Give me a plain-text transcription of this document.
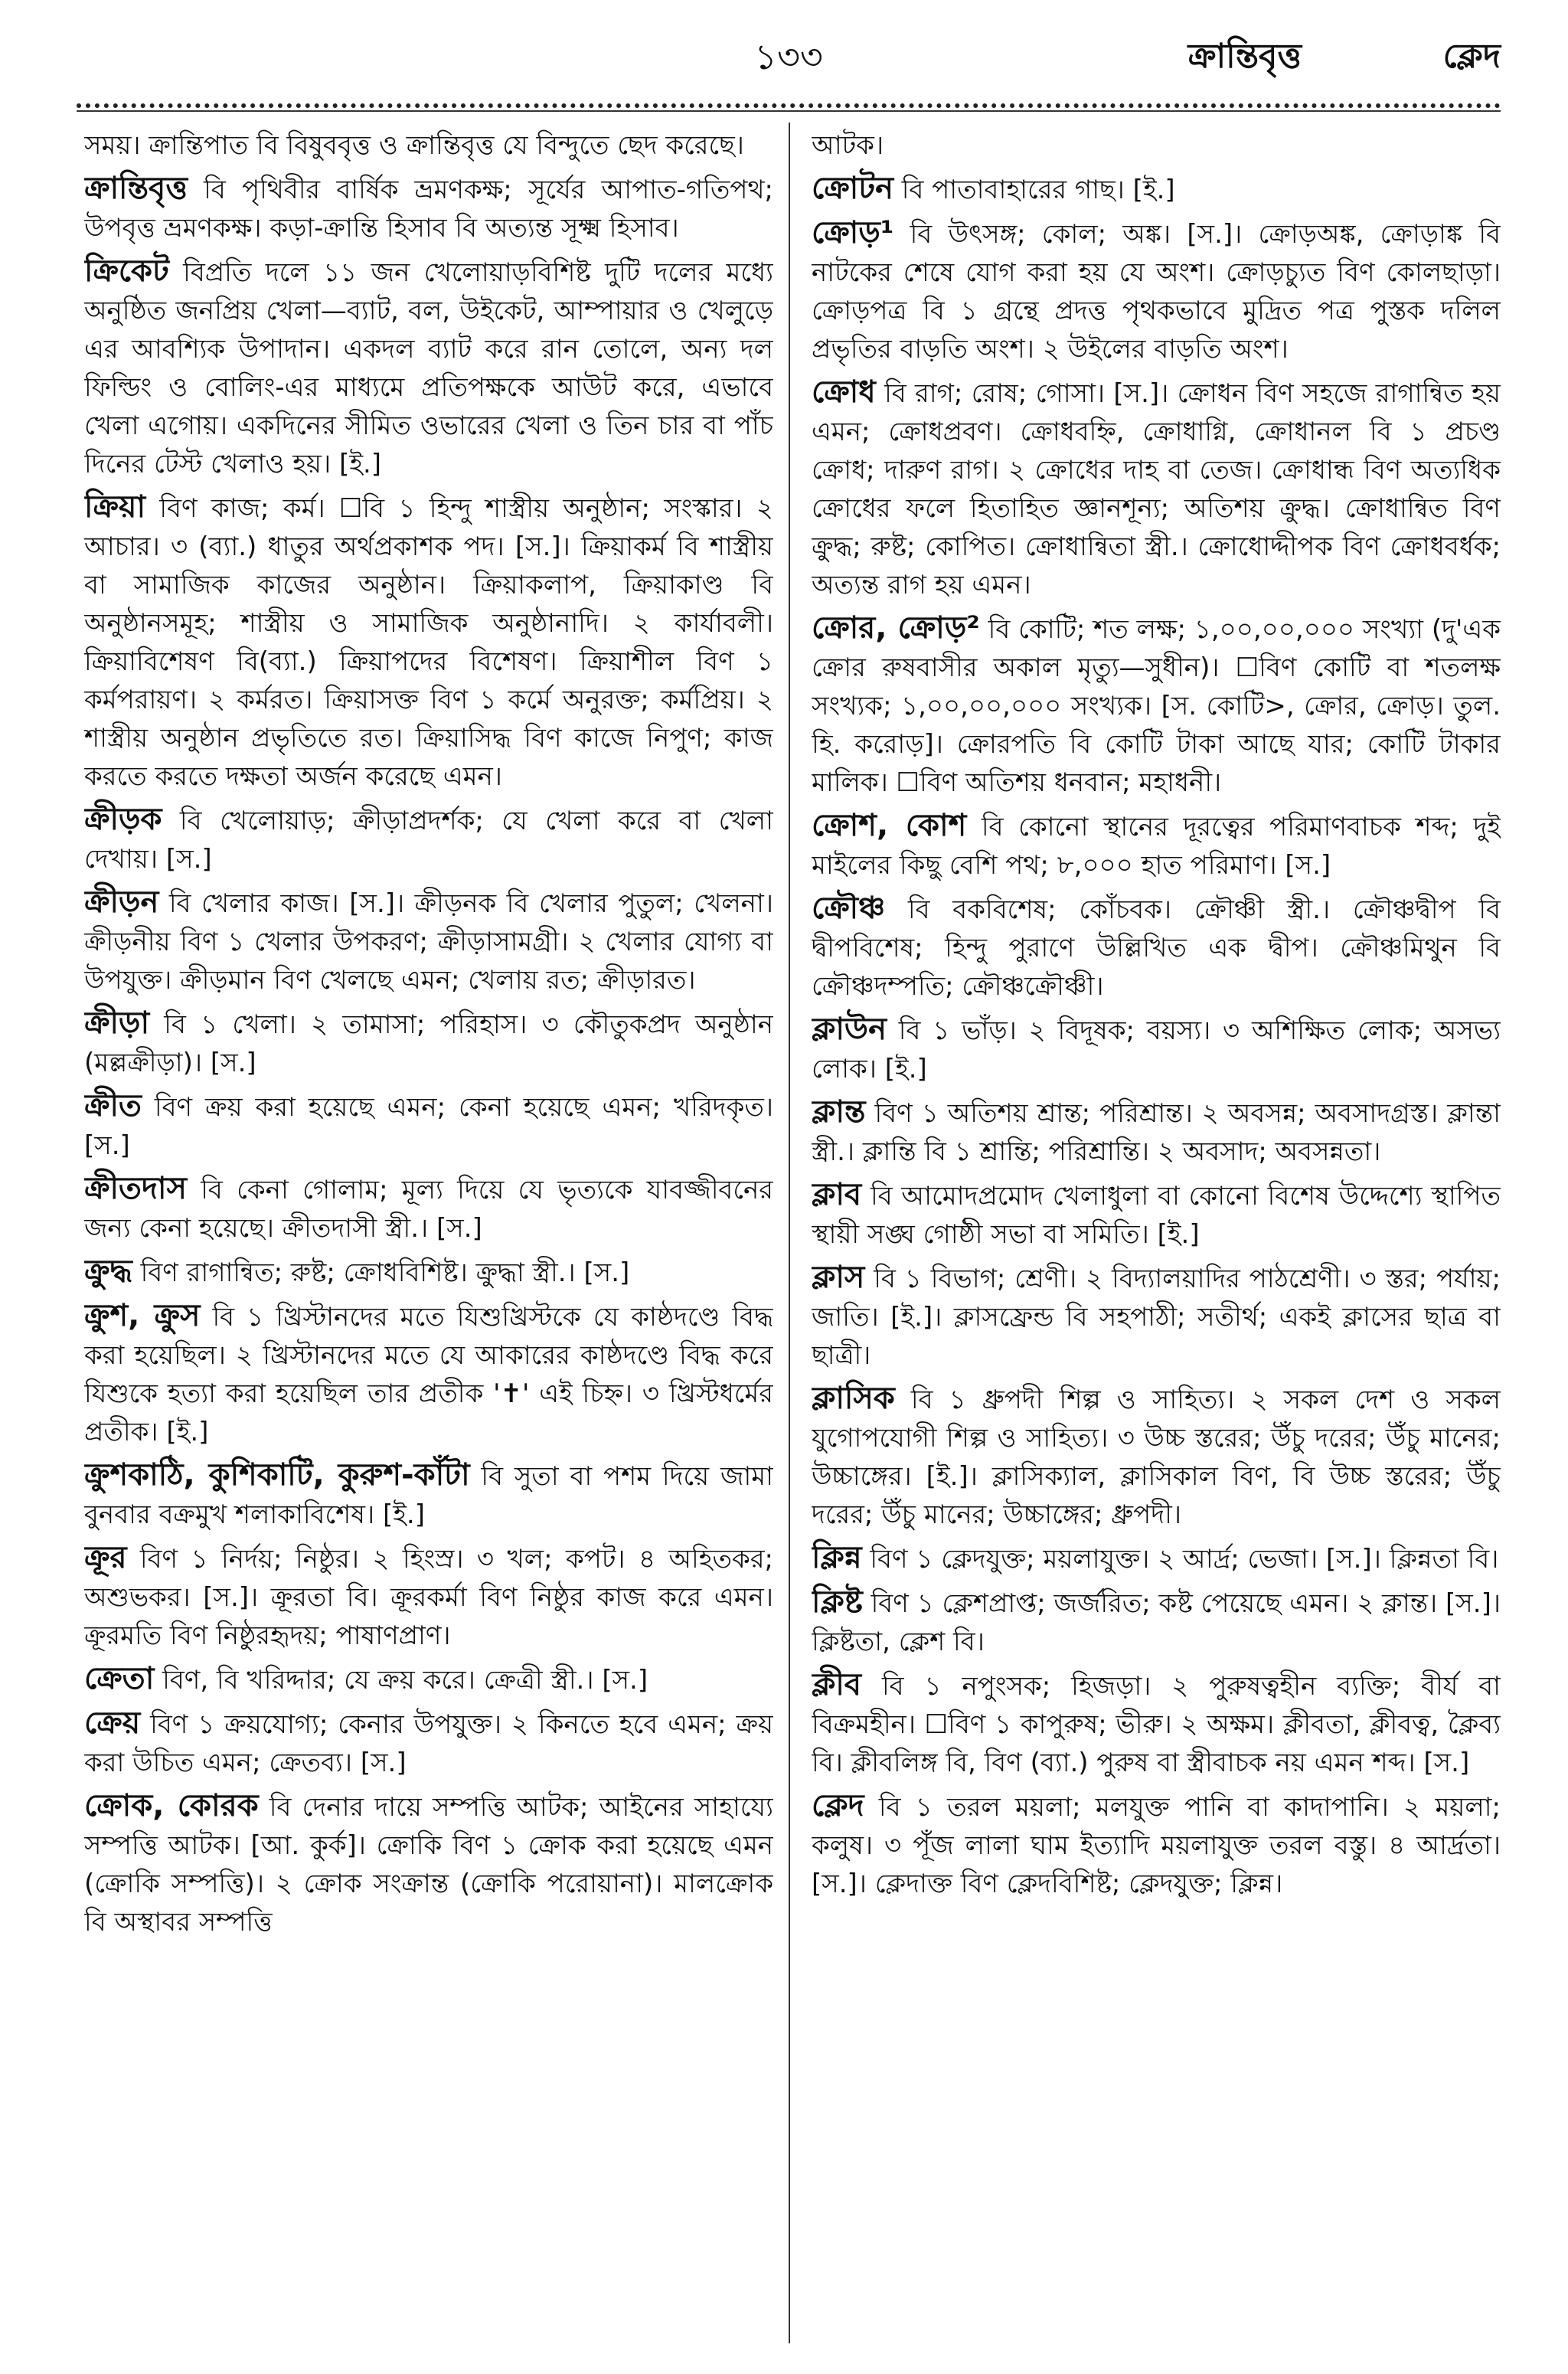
১৩৩	ক্রান্তিবৃত্ত	ক্লেদ

সময়। ক্রান্তিপাত বি বিষুববৃত্ত ও ক্রান্তিবৃত্ত যে বিন্দুতে ছেদ করেছে।

ক্রান্তিবৃত্ত বি পৃথিবীর বার্ষিক ভ্রমণকক্ষ; সূর্যের আপাত-গতিপথ; উপবৃত্ত ভ্রমণকক্ষ। কড়া-ক্রান্তি হিসাব বি অত্যন্ত সূক্ষ্ম হিসাব।

ক্রিকেট বিপ্রতি দলে ১১ জন খেলোয়াড়বিশিষ্ট দুটি দলের মধ্যে অনুষ্ঠিত জনপ্রিয় খেলা—ব্যাট, বল, উইকেট, আম্পায়ার ও খেলুড়ে এর আবশ্যিক উপাদান। একদল ব্যাট করে রান তোলে, অন্য দল ফিল্ডিং ও বোলিং-এর মাধ্যমে প্রতিপক্ষকে আউট করে, এভাবে খেলা এগোয়। একদিনের সীমিত ওভারের খেলা ও তিন চার বা পাঁচ দিনের টেস্ট খেলাও হয়। [ই.]

ক্রিয়া বিণ কাজ; কর্ম। ☐বি ১ হিন্দু শাস্ত্রীয় অনুষ্ঠান; সংস্কার। ২ আচার। ৩ (ব্যা.) ধাতুর অর্থপ্রকাশক পদ। [স.]। ক্রিয়াকর্ম বি শাস্ত্রীয় বা সামাজিক কাজের অনুষ্ঠান। ক্রিয়াকলাপ, ক্রিয়াকাণ্ড বি অনুষ্ঠানসমূহ; শাস্ত্রীয় ও সামাজিক অনুষ্ঠানাদি। ২ কার্যাবলী। ক্রিয়াবিশেষণ বি(ব্যা.) ক্রিয়াপদের বিশেষণ। ক্রিয়াশীল বিণ ১ কর্মপরায়ণ। ২ কর্মরত। ক্রিয়াসক্ত বিণ ১ কর্মে অনুরক্ত; কর্মপ্রিয়। ২ শাস্ত্রীয় অনুষ্ঠান প্রভৃতিতে রত। ক্রিয়াসিদ্ধ বিণ কাজে নিপুণ; কাজ করতে করতে দক্ষতা অর্জন করেছে এমন।

ক্রীড়ক বি খেলোয়াড়; ক্রীড়াপ্রদর্শক; যে খেলা করে বা খেলা দেখায়। [স.]

ক্রীড়ন বি খেলার কাজ। [স.]। ক্রীড়নক বি খেলার পুতুল; খেলনা। ক্রীড়নীয় বিণ ১ খেলার উপকরণ; ক্রীড়াসামগ্রী। ২ খেলার যোগ্য বা উপযুক্ত। ক্রীড়মান বিণ খেলছে এমন; খেলায় রত; ক্রীড়ারত।

ক্রীড়া বি ১ খেলা। ২ তামাসা; পরিহাস। ৩ কৌতুকপ্রদ অনুষ্ঠান (মল্লক্রীড়া)। [স.]

ক্রীত বিণ ক্রয় করা হয়েছে এমন; কেনা হয়েছে এমন; খরিদকৃত। [স.]

ক্রীতদাস বি কেনা গোলাম; মূল্য দিয়ে যে ভৃত্যকে যাবজ্জীবনের জন্য কেনা হয়েছে। ক্রীতদাসী স্ত্রী.। [স.]

ক্রুদ্ধ বিণ রাগান্বিত; রুষ্ট; ক্রোধবিশিষ্ট। ক্রুদ্ধা স্ত্রী.। [স.]

ক্রুশ, ক্রুস বি ১ খ্রিস্টানদের মতে যিশুখ্রিস্টকে যে কাষ্ঠদণ্ডে বিদ্ধ করা হয়েছিল। ২ খ্রিস্টানদের মতে যে আকারের কাষ্ঠদণ্ডে বিদ্ধ করে যিশুকে হত্যা করা হয়েছিল তার প্রতীক '✝' এই চিহ্ন। ৩ খ্রিস্টধর্মের প্রতীক। [ই.]

ক্রুশকাঠি, কুশিকাটি, কুরুশ-কাঁটা বি সুতা বা পশম দিয়ে জামা বুনবার বক্রমুখ শলাকাবিশেষ। [ই.]

ক্রূর বিণ ১ নির্দয়; নিষ্ঠুর। ২ হিংস্র। ৩ খল; কপট। ৪ অহিতকর; অশুভকর। [স.]। ক্রূরতা বি। ক্রূরকর্মা বিণ নিষ্ঠুর কাজ করে এমন। ক্রূরমতি বিণ নিষ্ঠুরহৃদয়; পাষাণপ্রাণ।

ক্রেতা বিণ, বি খরিদ্দার; যে ক্রয় করে। ক্রেত্রী স্ত্রী.। [স.]

ক্রেয় বিণ ১ ক্রয়যোগ্য; কেনার উপযুক্ত। ২ কিনতে হবে এমন; ক্রয় করা উচিত এমন; ক্রেতব্য। [স.]

ক্রোক, কোরক বি দেনার দায়ে সম্পত্তি আটক; আইনের সাহায্যে সম্পত্তি আটক। [আ. কুর্ক]। ক্রোকি বিণ ১ ক্রোক করা হয়েছে এমন (ক্রোকি সম্পত্তি)। ২ ক্রোক সংক্রান্ত (ক্রোকি পরোয়ানা)। মালক্রোক বি অস্থাবর সম্পত্তি

আটক।

ক্রোটন বি পাতাবাহারের গাছ। [ই.]

ক্রোড়¹ বি উৎসঙ্গ; কোল; অঙ্ক। [স.]। ক্রোড়অঙ্ক, ক্রোড়াঙ্ক বি নাটকের শেষে যোগ করা হয় যে অংশ। ক্রোড়চ্যুত বিণ কোলছাড়া। ক্রোড়পত্র বি ১ গ্রন্থে প্রদত্ত পৃথকভাবে মুদ্রিত পত্র পুস্তক দলিল প্রভৃতির বাড়তি অংশ। ২ উইলের বাড়তি অংশ।

ক্রোধ বি রাগ; রোষ; গোসা। [স.]। ক্রোধন বিণ সহজে রাগান্বিত হয় এমন; ক্রোধপ্রবণ। ক্রোধবহ্নি, ক্রোধাগ্নি, ক্রোধানল বি ১ প্রচণ্ড ক্রোধ; দারুণ রাগ। ২ ক্রোধের দাহ বা তেজ। ক্রোধান্ধ বিণ অত্যধিক ক্রোধের ফলে হিতাহিত জ্ঞানশূন্য; অতিশয় ক্রুদ্ধ। ক্রোধান্বিত বিণ ক্রুদ্ধ; রুষ্ট; কোপিত। ক্রোধান্বিতা স্ত্রী.। ক্রোধোদ্দীপক বিণ ক্রোধবর্ধক; অত্যন্ত রাগ হয় এমন।

ক্রোর, ক্রোড়² বি কোটি; শত লক্ষ; ১,০০,০০,০০০ সংখ্যা (দু'এক ক্রোর রুষবাসীর অকাল মৃত্যু—সুধীন)। ☐বিণ কোটি বা শতলক্ষ সংখ্যক; ১,০০,০০,০০০ সংখ্যক। [স. কোটি>, ক্রোর, ক্রোড়। তুল. হি. করোড়]। ক্রোরপতি বি কোটি টাকা আছে যার; কোটি টাকার মালিক। ☐বিণ অতিশয় ধনবান; মহাধনী।

ক্রোশ, কোশ বি কোনো স্থানের দূরত্বের পরিমাণবাচক শব্দ; দুই মাইলের কিছু বেশি পথ; ৮,০০০ হাত পরিমাণ। [স.]

ক্রৌঞ্চ বি বকবিশেষ; কোঁচবক। ক্রৌঞ্চী স্ত্রী.। ক্রৌঞ্চদ্বীপ বি দ্বীপবিশেষ; হিন্দু পুরাণে উল্লিখিত এক দ্বীপ। ক্রৌঞ্চমিথুন বি ক্রৌঞ্চদম্পতি; ক্রৌঞ্চক্রৌঞ্চী।

ক্লাউন বি ১ ভাঁড়। ২ বিদূষক; বয়স্য। ৩ অশিক্ষিত লোক; অসভ্য লোক। [ই.]

ক্লান্ত বিণ ১ অতিশয় শ্রান্ত; পরিশ্রান্ত। ২ অবসন্ন; অবসাদগ্রস্ত। ক্লান্তা স্ত্রী.। ক্লান্তি বি ১ শ্রান্তি; পরিশ্রান্তি। ২ অবসাদ; অবসন্নতা।

ক্লাব বি আমোদপ্রমোদ খেলাধুলা বা কোনো বিশেষ উদ্দেশ্যে স্থাপিত স্থায়ী সঙ্ঘ গোষ্ঠী সভা বা সমিতি। [ই.]

ক্লাস বি ১ বিভাগ; শ্রেণী। ২ বিদ্যালয়াদির পাঠশ্রেণী। ৩ স্তর; পর্যায়; জাতি। [ই.]। ক্লাসফ্রেন্ড বি সহপাঠী; সতীর্থ; একই ক্লাসের ছাত্র বা ছাত্রী।

ক্লাসিক বি ১ ধ্রুপদী শিল্প ও সাহিত্য। ২ সকল দেশ ও সকল যুগোপযোগী শিল্প ও সাহিত্য। ৩ উচ্চ স্তরের; উঁচু দরের; উঁচু মানের; উচ্চাঙ্গের। [ই.]। ক্লাসিক্যাল, ক্লাসিকাল বিণ, বি উচ্চ স্তরের; উঁচু দরের; উঁচু মানের; উচ্চাঙ্গের; ধ্রুপদী।

ক্লিন্ন বিণ ১ ক্লেদযুক্ত; ময়লাযুক্ত। ২ আর্দ্র; ভেজা। [স.]। ক্লিন্নতা বি।

ক্লিষ্ট বিণ ১ ক্লেশপ্রাপ্ত; জর্জরিত; কষ্ট পেয়েছে এমন। ২ ক্লান্ত। [স.]। ক্লিষ্টতা, ক্লেশ বি।

ক্লীব বি ১ নপুংসক; হিজড়া। ২ পুরুষত্বহীন ব্যক্তি; বীর্য বা বিক্রমহীন। ☐বিণ ১ কাপুরুষ; ভীরু। ২ অক্ষম। ক্লীবতা, ক্লীবত্ব, ক্লৈব্য বি। ক্লীবলিঙ্গ বি, বিণ (ব্যা.) পুরুষ বা স্ত্রীবাচক নয় এমন শব্দ। [স.]

ক্লেদ বি ১ তরল ময়লা; মলযুক্ত পানি বা কাদাপানি। ২ ময়লা; কলুষ। ৩ পূঁজ লালা ঘাম ইত্যাদি ময়লাযুক্ত তরল বস্তু। ৪ আর্দ্রতা। [স.]। ক্লেদাক্ত বিণ ক্লেদবিশিষ্ট; ক্লেদযুক্ত; ক্লিন্ন।
